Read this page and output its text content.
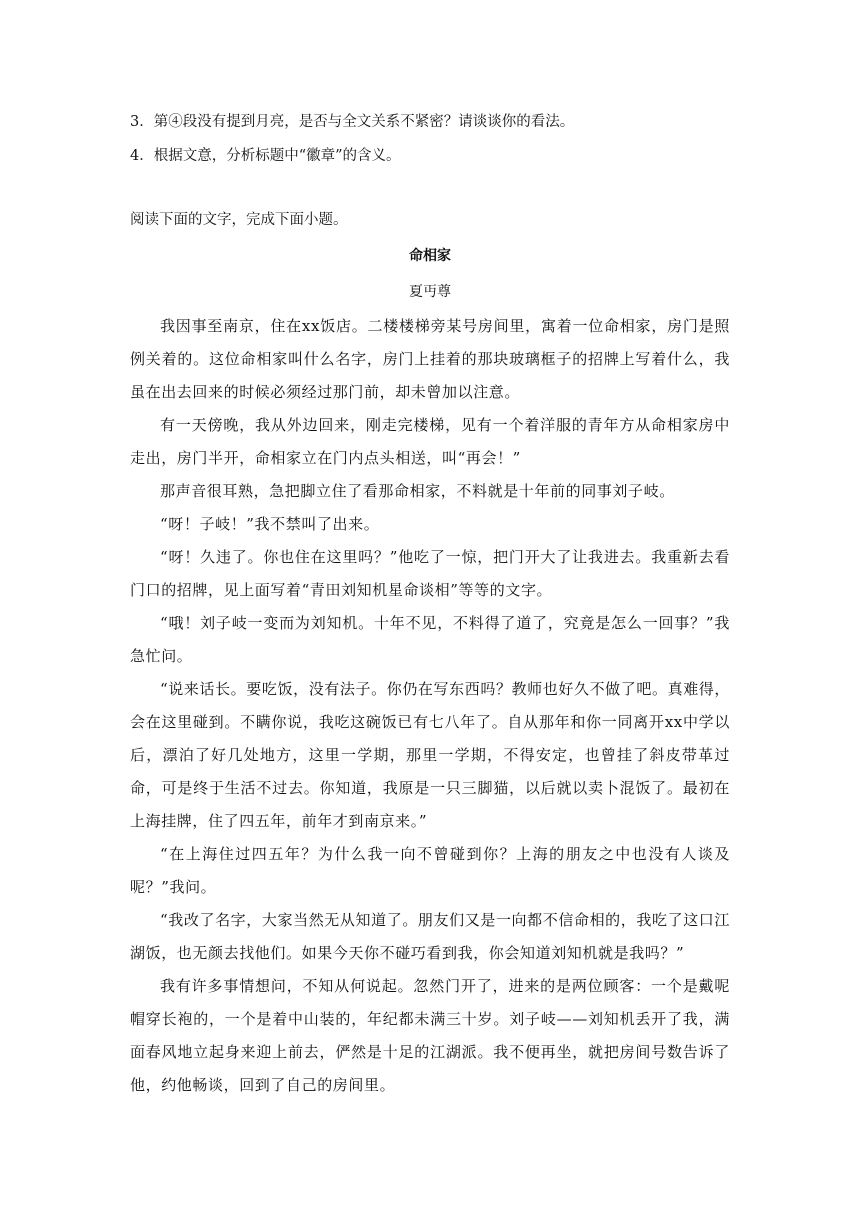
3．第④段没有提到月亮，是否与全文关系不紧密？请谈谈你的看法。
4．根据文意，分析标题中“徽章”的含义。
阅读下面的文字，完成下面小题。
命相家
夏丏尊

我因事至南京，住在xx饭店。二楼楼梯旁某号房间里，寓着一位命相家，房门是照例关着的。这位命相家叫什么名字，房门上挂着的那块玻璃框子的招牌上写着什么，我虽在出去回来的时候必须经过那门前，却未曾加以注意。

有一天傍晚，我从外边回来，刚走完楼梯，见有一个着洋服的青年方从命相家房中走出，房门半开，命相家立在门内点头相送，叫“再会！”

那声音很耳熟，急把脚立住了看那命相家，不料就是十年前的同事刘子岐。

“呀！子岐！”我不禁叫了出来。

“呀！久违了。你也住在这里吗？”他吃了一惊，把门开大了让我进去。我重新去看门口的招牌，见上面写着“青田刘知机星命谈相”等等的文字。

“哦！刘子岐一变而为刘知机。十年不见，不料得了道了，究竟是怎么一回事？”我急忙问。

“说来话长。要吃饭，没有法子。你仍在写东西吗？教师也好久不做了吧。真难得，会在这里碰到。不瞒你说，我吃这碗饭已有七八年了。自从那年和你一同离开xx中学以后，漂泊了好几处地方，这里一学期，那里一学期，不得安定，也曾挂了斜皮带革过命，可是终于生活不过去。你知道，我原是一只三脚猫，以后就以卖卜混饭了。最初在上海挂牌，住了四五年，前年才到南京来。”

“在上海住过四五年？为什么我一向不曾碰到你？上海的朋友之中也没有人谈及呢？”我问。

“我改了名字，大家当然无从知道了。朋友们又是一向都不信命相的，我吃了这口江湖饭，也无颜去找他们。如果今天你不碰巧看到我，你会知道刘知机就是我吗？”

我有许多事情想问，不知从何说起。忽然门开了，进来的是两位顾客：一个是戴呢帽穿长袍的，一个是着中山装的，年纪都未满三十岁。刘子岐——刘知机丢开了我，满面春风地立起身来迎上前去，俨然是十足的江湖派。我不便再坐，就把房间号数告诉了他，约他畅谈，回到了自己的房间里。
